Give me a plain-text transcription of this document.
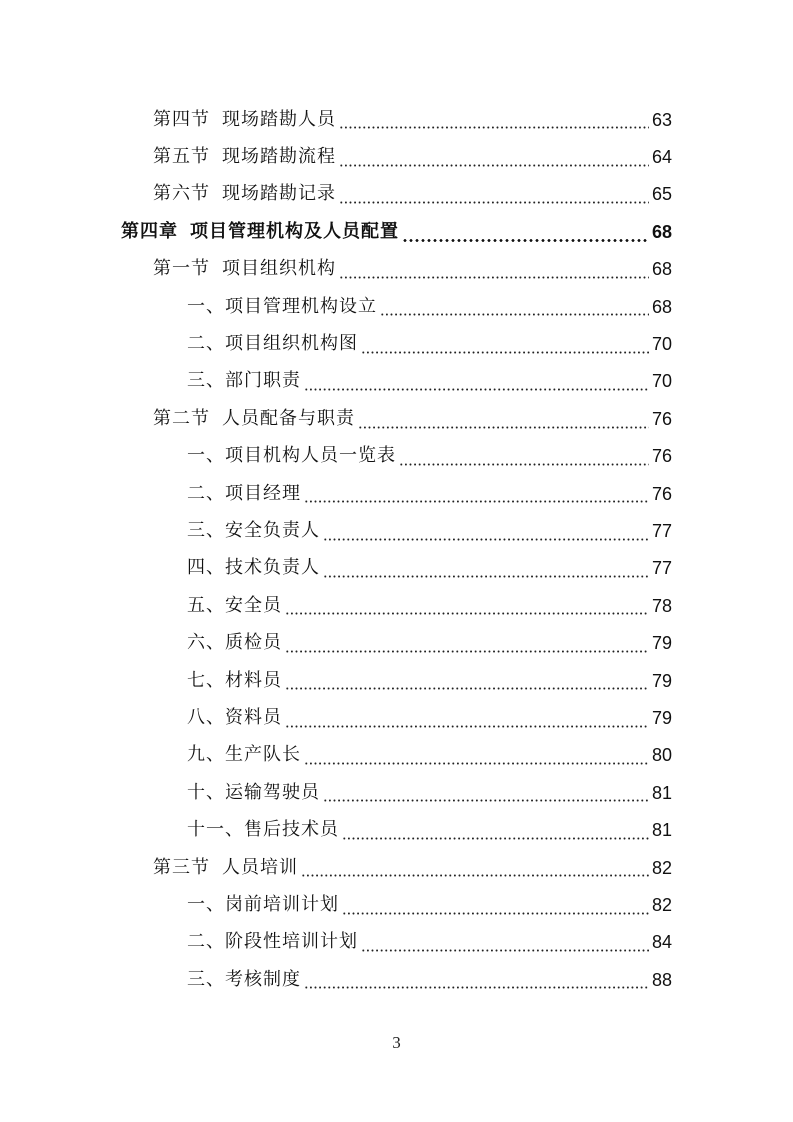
第四节 现场踏勘人员	63
第五节 现场踏勘流程	64
第六节 现场踏勘记录	65
第四章 项目管理机构及人员配置	68
第一节 项目组织机构	68
一、项目管理机构设立	68
二、项目组织机构图	70
三、部门职责	70
第二节 人员配备与职责	76
一、项目机构人员一览表	76
二、项目经理	76
三、安全负责人	77
四、技术负责人	77
五、安全员	78
六、质检员	79
七、材料员	79
八、资料员	79
九、生产队长	80
十、运输驾驶员	81
十一、售后技术员	81
第三节 人员培训	82
一、岗前培训计划	82
二、阶段性培训计划	84
三、考核制度	88
3
